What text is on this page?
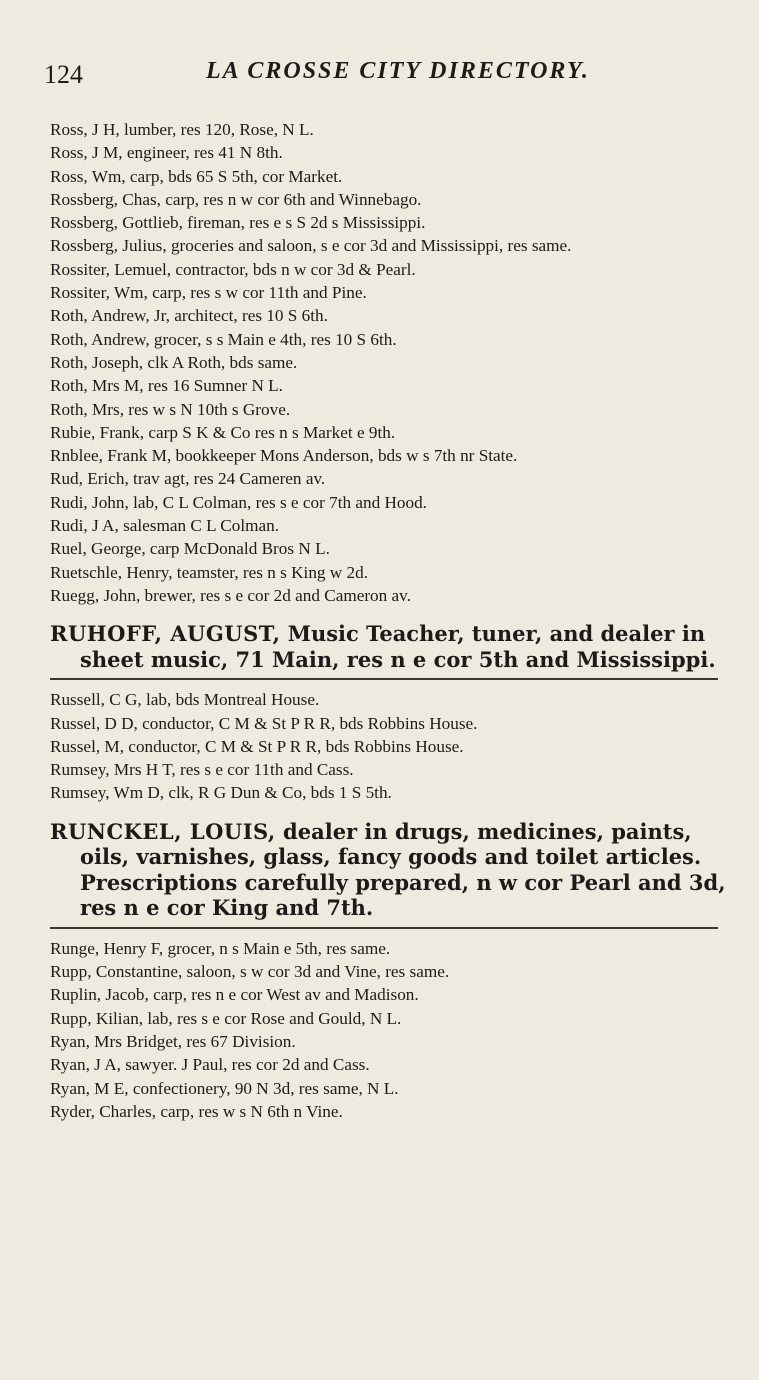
124	LA CROSSE CITY DIRECTORY.
Ross, J H, lumber, res 120, Rose, N L.
Ross, J M, engineer, res 41 N 8th.
Ross, Wm, carp, bds 65 S 5th, cor Market.
Rossberg, Chas, carp, res n w cor 6th and Winnebago.
Rossberg, Gottlieb, fireman, res e s S 2d s Mississippi.
Rossberg, Julius, groceries and saloon, s e cor 3d and Mississippi, res same.
Rossiter, Lemuel, contractor, bds n w cor 3d & Pearl.
Rossiter, Wm, carp, res s w cor 11th and Pine.
Roth, Andrew, Jr, architect, res 10 S 6th.
Roth, Andrew, grocer, s s Main e 4th, res 10 S 6th.
Roth, Joseph, clk A Roth, bds same.
Roth, Mrs M, res 16 Sumner N L.
Roth, Mrs, res w s N 10th s Grove.
Rubie, Frank, carp S K & Co res n s Market e 9th.
Rnblee, Frank M, bookkeeper Mons Anderson, bds w s 7th nr State.
Rud, Erich, trav agt, res 24 Cameren av.
Rudi, John, lab, C L Colman, res s e cor 7th and Hood.
Rudi, J A, salesman C L Colman.
Ruel, George, carp McDonald Bros N L.
Ruetschle, Henry, teamster, res n s King w 2d.
Ruegg, John, brewer, res s e cor 2d and Cameron av.
RUHOFF, AUGUST, Music Teacher, tuner, and dealer in sheet music, 71 Main, res n e cor 5th and Mississippi.
Russell, C G, lab, bds Montreal House.
Russel, D D, conductor, C M & St P R R, bds Robbins House.
Russel, M, conductor, C M & St P R R, bds Robbins House.
Rumsey, Mrs H T, res s e cor 11th and Cass.
Rumsey, Wm D, clk, R G Dun & Co, bds 1 S 5th.
RUNCKEL, LOUIS, dealer in drugs, medicines, paints, oils, varnishes, glass, fancy goods and toilet articles. Prescriptions carefully prepared, n w cor Pearl and 3d, res n e cor King and 7th.
Runge, Henry F, grocer, n s Main e 5th, res same.
Rupp, Constantine, saloon, s w cor 3d and Vine, res same.
Ruplin, Jacob, carp, res n e cor West av and Madison.
Rupp, Kilian, lab, res s e cor Rose and Gould, N L.
Ryan, Mrs Bridget, res 67 Division.
Ryan, J A, sawyer. J Paul, res cor 2d and Cass.
Ryan, M E, confectionery, 90 N 3d, res same, N L.
Ryder, Charles, carp, res w s N 6th n Vine.
